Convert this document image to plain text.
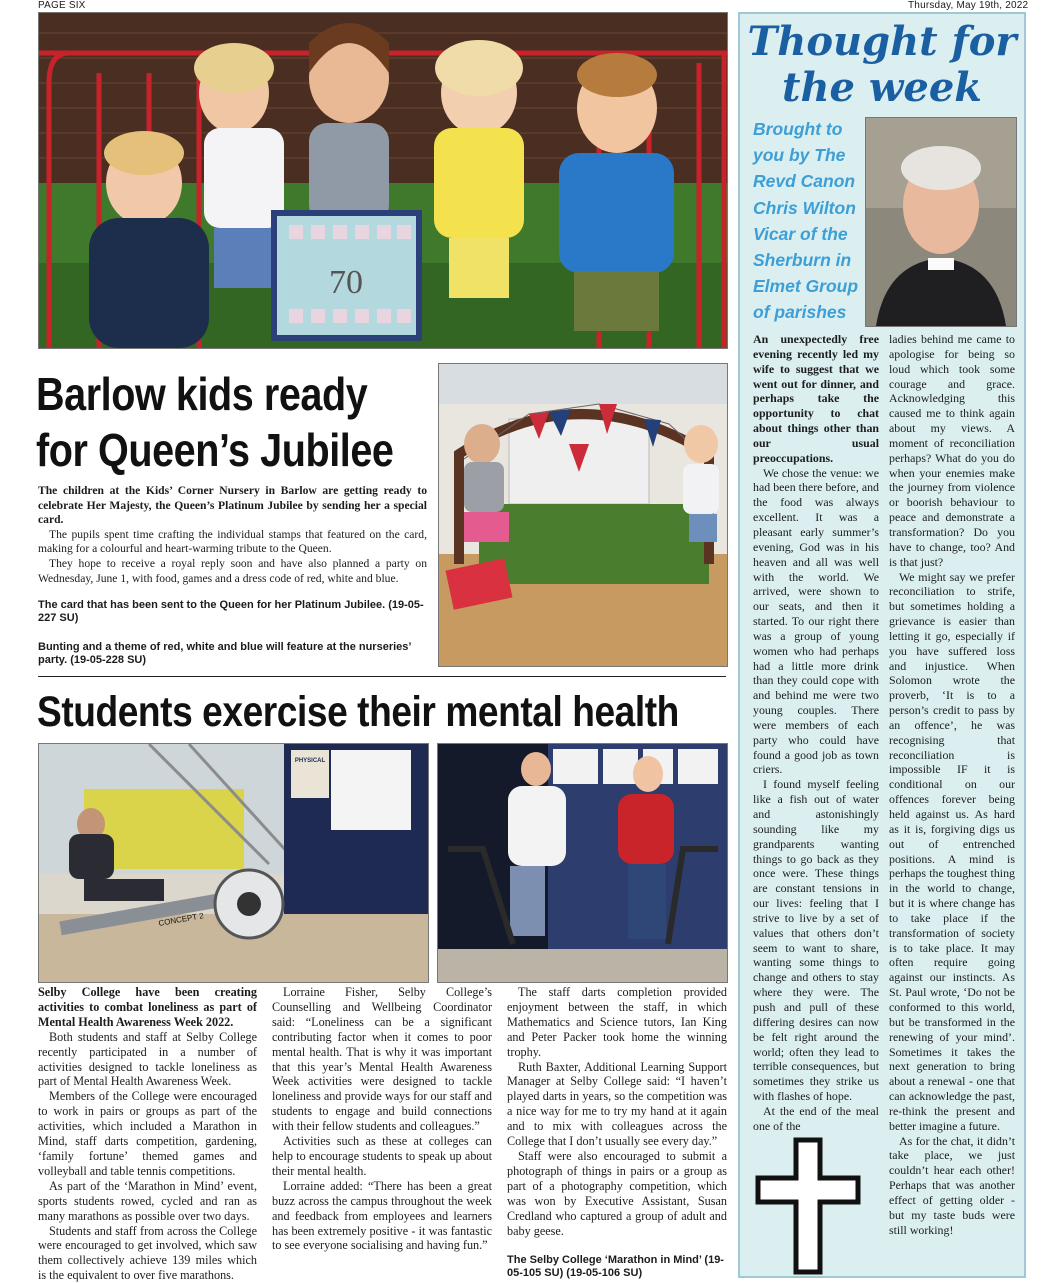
PAGE SIX	Thursday, May 19th, 2022
70
Barlow kids ready
for Queen’s Jubilee

The children at the Kids’ Corner Nursery in Barlow are getting ready to celebrate Her Majesty, the Queen’s Platinum Jubilee by sending her a special card.

The pupils spent time crafting the individual stamps that featured on the card, making for a colourful and heart-warming tribute to the Queen.

They hope to receive a royal reply soon and have also planned a party on Wednesday, June 1, with food, games and a dress code of red, white and blue.

The card that has been sent to the Queen for her Platinum Jubilee. (19-05-227 SU)
Bunting and a theme of red, white and blue will feature at the nurseries’ party. (19-05-228 SU)
Students exercise their mental health
PHYSICAL
CONCEPT 2

Selby College have been creating activities to combat loneliness as part of Mental Health Awareness Week 2022.

Both students and staff at Selby College recently participated in a number of activities designed to tackle loneliness as part of Mental Health Awareness Week.

Members of the College were encouraged to work in pairs or groups as part of the activities, which included a Marathon in Mind, staff darts competition, gardening, ‘family fortune’ themed games and volleyball and table tennis competitions.

As part of the ‘Marathon in Mind’ event, sports students rowed, cycled and ran as many marathons as possible over two days.

Students and staff from across the College were encouraged to get involved, which saw them collectively achieve 139 miles which is the equivalent to over five marathons.

Lorraine Fisher, Selby College’s Counselling and Wellbeing Coordinator said: “Loneliness can be a significant contributing factor when it comes to poor mental health. That is why it was important that this year’s Mental Health Awareness Week activities were designed to tackle loneliness and provide ways for our staff and students to engage and build connections with their fellow students and colleagues.”

Activities such as these at colleges can help to encourage students to speak up about their mental health.

Lorraine added: “There has been a great buzz across the campus throughout the week and feedback from employees and learners has been extremely positive - it was fantastic to see everyone socialising and having fun.”

The staff darts completion provided enjoyment between the staff, in which Mathematics and Science tutors, Ian King and Peter Packer took home the winning trophy.

Ruth Baxter, Additional Learning Support Manager at Selby College said: “I haven’t played darts in years, so the competition was a nice way for me to try my hand at it again and to mix with colleagues across the College that I don’t usually see every day.”

Staff were also encouraged to submit a photograph of things in pairs or a group as part of a photography competition, which was won by Executive Assistant, Susan Credland who captured a group of adult and baby geese.

The Selby College ‘Marathon in Mind’ (19-05-105 SU) (19-05-106 SU)
Thought for
the week
Brought to you by The Revd Canon Chris Wilton Vicar of the Sherburn in Elmet Group of parishes

An unexpectedly free evening recently led my wife to suggest that we went out for dinner, and perhaps take the opportunity to chat about things other than our usual preoccupations.

We chose the venue: we had been there before, and the food was always excellent. It was a pleasant early summer’s evening, God was in his heaven and all was well with the world. We arrived, were shown to our seats, and then it started. To our right there was a group of young women who had perhaps had a little more drink than they could cope with and behind me were two young couples. There were members of each party who could have found a good job as town criers.

I found myself feeling like a fish out of water and astonishingly sounding like my grandparents wanting things to go back as they once were. These things are constant tensions in our lives: feeling that I strive to live by a set of values that others don’t seem to want to share, wanting some things to change and others to stay where they were. The push and pull of these differing desires can now be felt right around the world; often they lead to terrible consequences, but sometimes they strike us with flashes of hope.

At the end of the meal one of the

ladies behind me came to apologise for being so loud which took some courage and grace. Acknowledging this caused me to think again about my views. A moment of reconciliation perhaps? What do you do when your enemies make the journey from violence or boorish behaviour to peace and demonstrate a transformation? Do you have to change, too? And is that just?

We might say we prefer reconciliation to strife, but sometimes holding a grievance is easier than letting it go, especially if you have suffered loss and injustice. When Solomon wrote the proverb, ‘It is to a person’s credit to pass by an offence’, he was recognising that reconciliation is impossible IF it is conditional on our offences forever being held against us. As hard as it is, forgiving digs us out of entrenched positions. A mind is perhaps the toughest thing in the world to change, but it is where change has to take place if the transformation of society is to take place. It may often require going against our instincts. As St. Paul wrote, ‘Do not be conformed to this world, but be transformed in the renewing of your mind’. Sometimes it takes the next generation to bring about a renewal - one that can acknowledge the past, re-think the present and better imagine a future.

As for the chat, it didn’t take place, we just couldn’t hear each other! Perhaps that was another effect of getting older - but my taste buds were still working!
